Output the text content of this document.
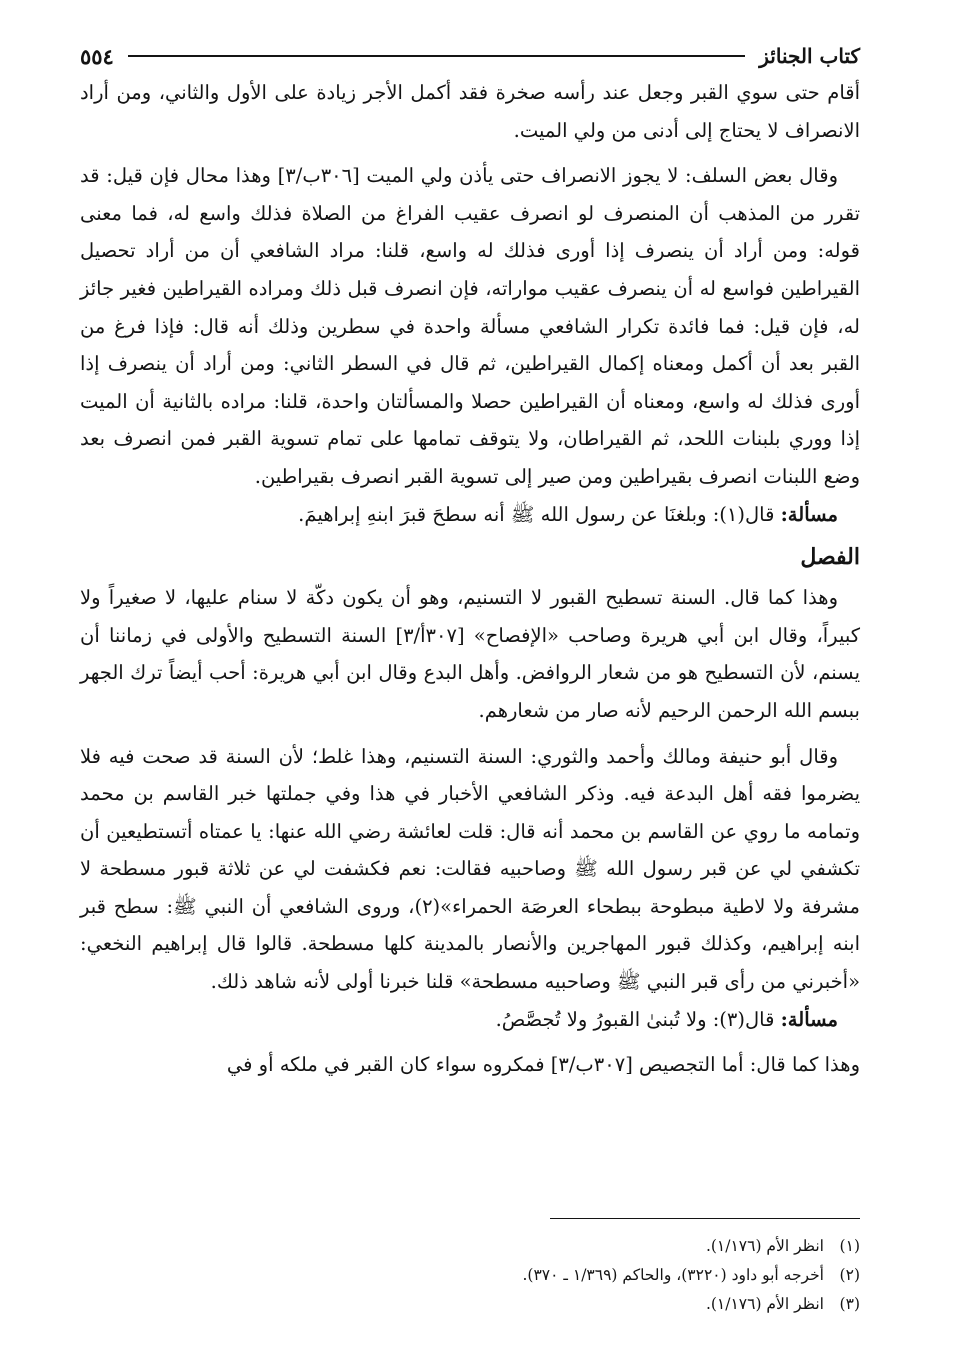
كتاب الجنائز
٥٥٤

أقام حتى سوي القبر وجعل عند رأسه صخرة فقد أكمل الأجر زيادة على الأول والثاني، ومن أراد الانصراف لا يحتاج إلى أدنى من ولي الميت.

وقال بعض السلف: لا يجوز الانصراف حتى يأذن ولي الميت [٣٠٦ب/٣] وهذا محال فإن قيل: قد تقرر من المذهب أن المنصرف لو انصرف عقيب الفراغ من الصلاة فذلك واسع له، فما معنى قوله: ومن أراد أن ينصرف إذا أورى فذلك له واسع، قلنا: مراد الشافعي أن من أراد تحصيل القيراطين فواسع له أن ينصرف عقيب مواراته، فإن انصرف قبل ذلك ومراده القيراطين فغير جائز له، فإن قيل: فما فائدة تكرار الشافعي مسألة واحدة في سطرين وذلك أنه قال: فإذا فرغ من القبر بعد أن أكمل ومعناه إكمال القيراطين، ثم قال في السطر الثاني: ومن أراد أن ينصرف إذا أورى فذلك له واسع، ومعناه أن القيراطين حصلا والمسألتان واحدة، قلنا: مراده بالثانية أن الميت إذا ووري بلبنات اللحد، ثم القيراطان، ولا يتوقف تمامها على تمام تسوية القبر فمن انصرف بعد وضع اللبنات انصرف بقيراطين ومن صير إلى تسوية القبر انصرف بقيراطين.

مسألة: قال(١): وبلغنَا عن رسول الله ﷺ أنه سطحَ قبرَ ابنهِ إبراهيمَ.

الفصل

وهذا كما قال. السنة تسطيح القبور لا التسنيم، وهو أن يكون دكّة لا سنام عليها، لا صغيراً ولا كبيراً، وقال ابن أبي هريرة وصاحب «الإفصاح» [٣٠٧أ/٣] السنة التسطيح والأولى في زماننا أن يسنم، لأن التسطيح هو من شعار الروافض. وأهل البدع وقال ابن أبي هريرة: أحب أيضاً ترك الجهر ببسم الله الرحمن الرحيم لأنه صار من شعارهم.

وقال أبو حنيفة ومالك وأحمد والثوري: السنة التسنيم، وهذا غلط؛ لأن السنة قد صحت فيه فلا يضرموا فقه أهل البدعة فيه. وذكر الشافعي الأخبار في هذا وفي جملتها خبر القاسم بن محمد وتمامه ما روي عن القاسم بن محمد أنه قال: قلت لعائشة رضي الله عنها: يا عمتاه أتستطيعين أن تكشفي لي عن قبر رسول الله ﷺ وصاحبيه فقالت: نعم فكشفت لي عن ثلاثة قبور مسطحة لا مشرفة ولا لاطية مبطوحة ببطحاء العرصَة الحمراء»(٢)، وروى الشافعي أن النبي ﷺ: سطح قبر ابنه إبراهيم، وكذلك قبور المهاجرين والأنصار بالمدينة كلها مسطحة. قالوا قال إبراهيم النخعي: «أخبرني من رأى قبر النبي ﷺ وصاحبيه مسطحة» قلنا خبرنا أولى لأنه شاهد ذلك.

مسألة: قال(٣): ولا تُبنىٰ القبورُ ولا تُجصَّصُ.

وهذا كما قال: أما التجصيص [٣٠٧ب/٣] فمكروه سواء كان القبر في ملكه أو في

(١)
انظر الأم (١/١٧٦).
(٢)
أخرجه أبو داود (٣٢٢٠)، والحاكم (١/٣٦٩ ـ ٣٧٠).
(٣)
انظر الأم (١/١٧٦).
